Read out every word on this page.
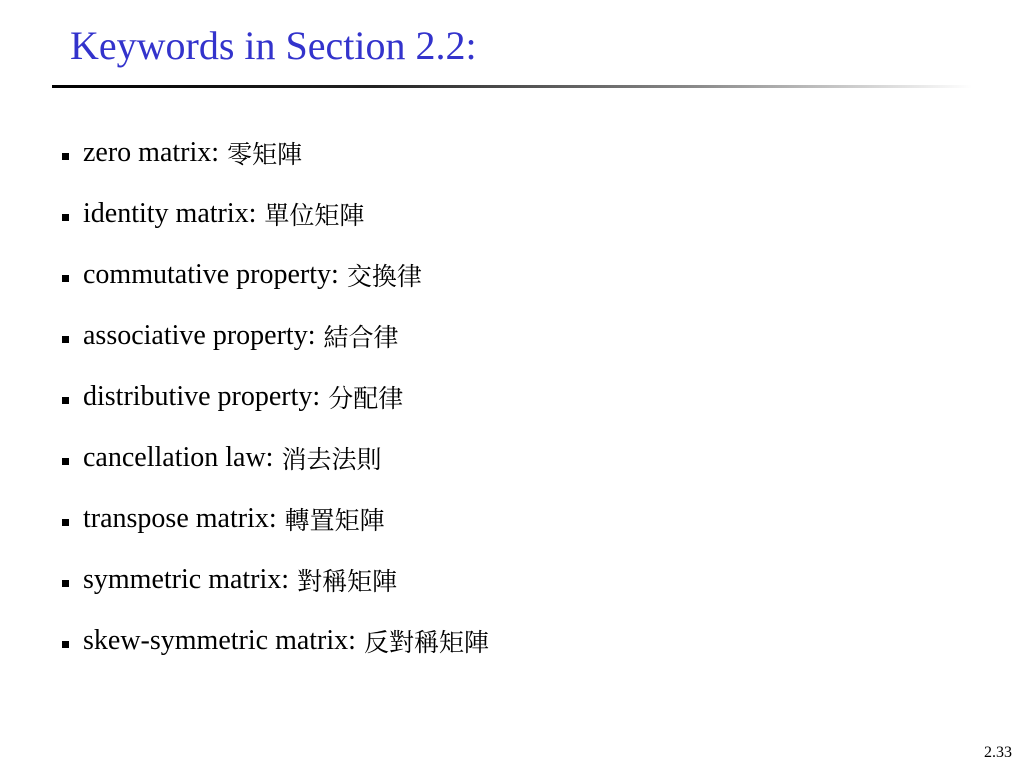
Keywords in Section 2.2:
zero matrix: 零矩陣
identity matrix: 單位矩陣
commutative property: 交換律
associative property: 結合律
distributive property: 分配律
cancellation law: 消去法則
transpose matrix: 轉置矩陣
symmetric matrix: 對稱矩陣
skew-symmetric matrix: 反對稱矩陣
2.33
